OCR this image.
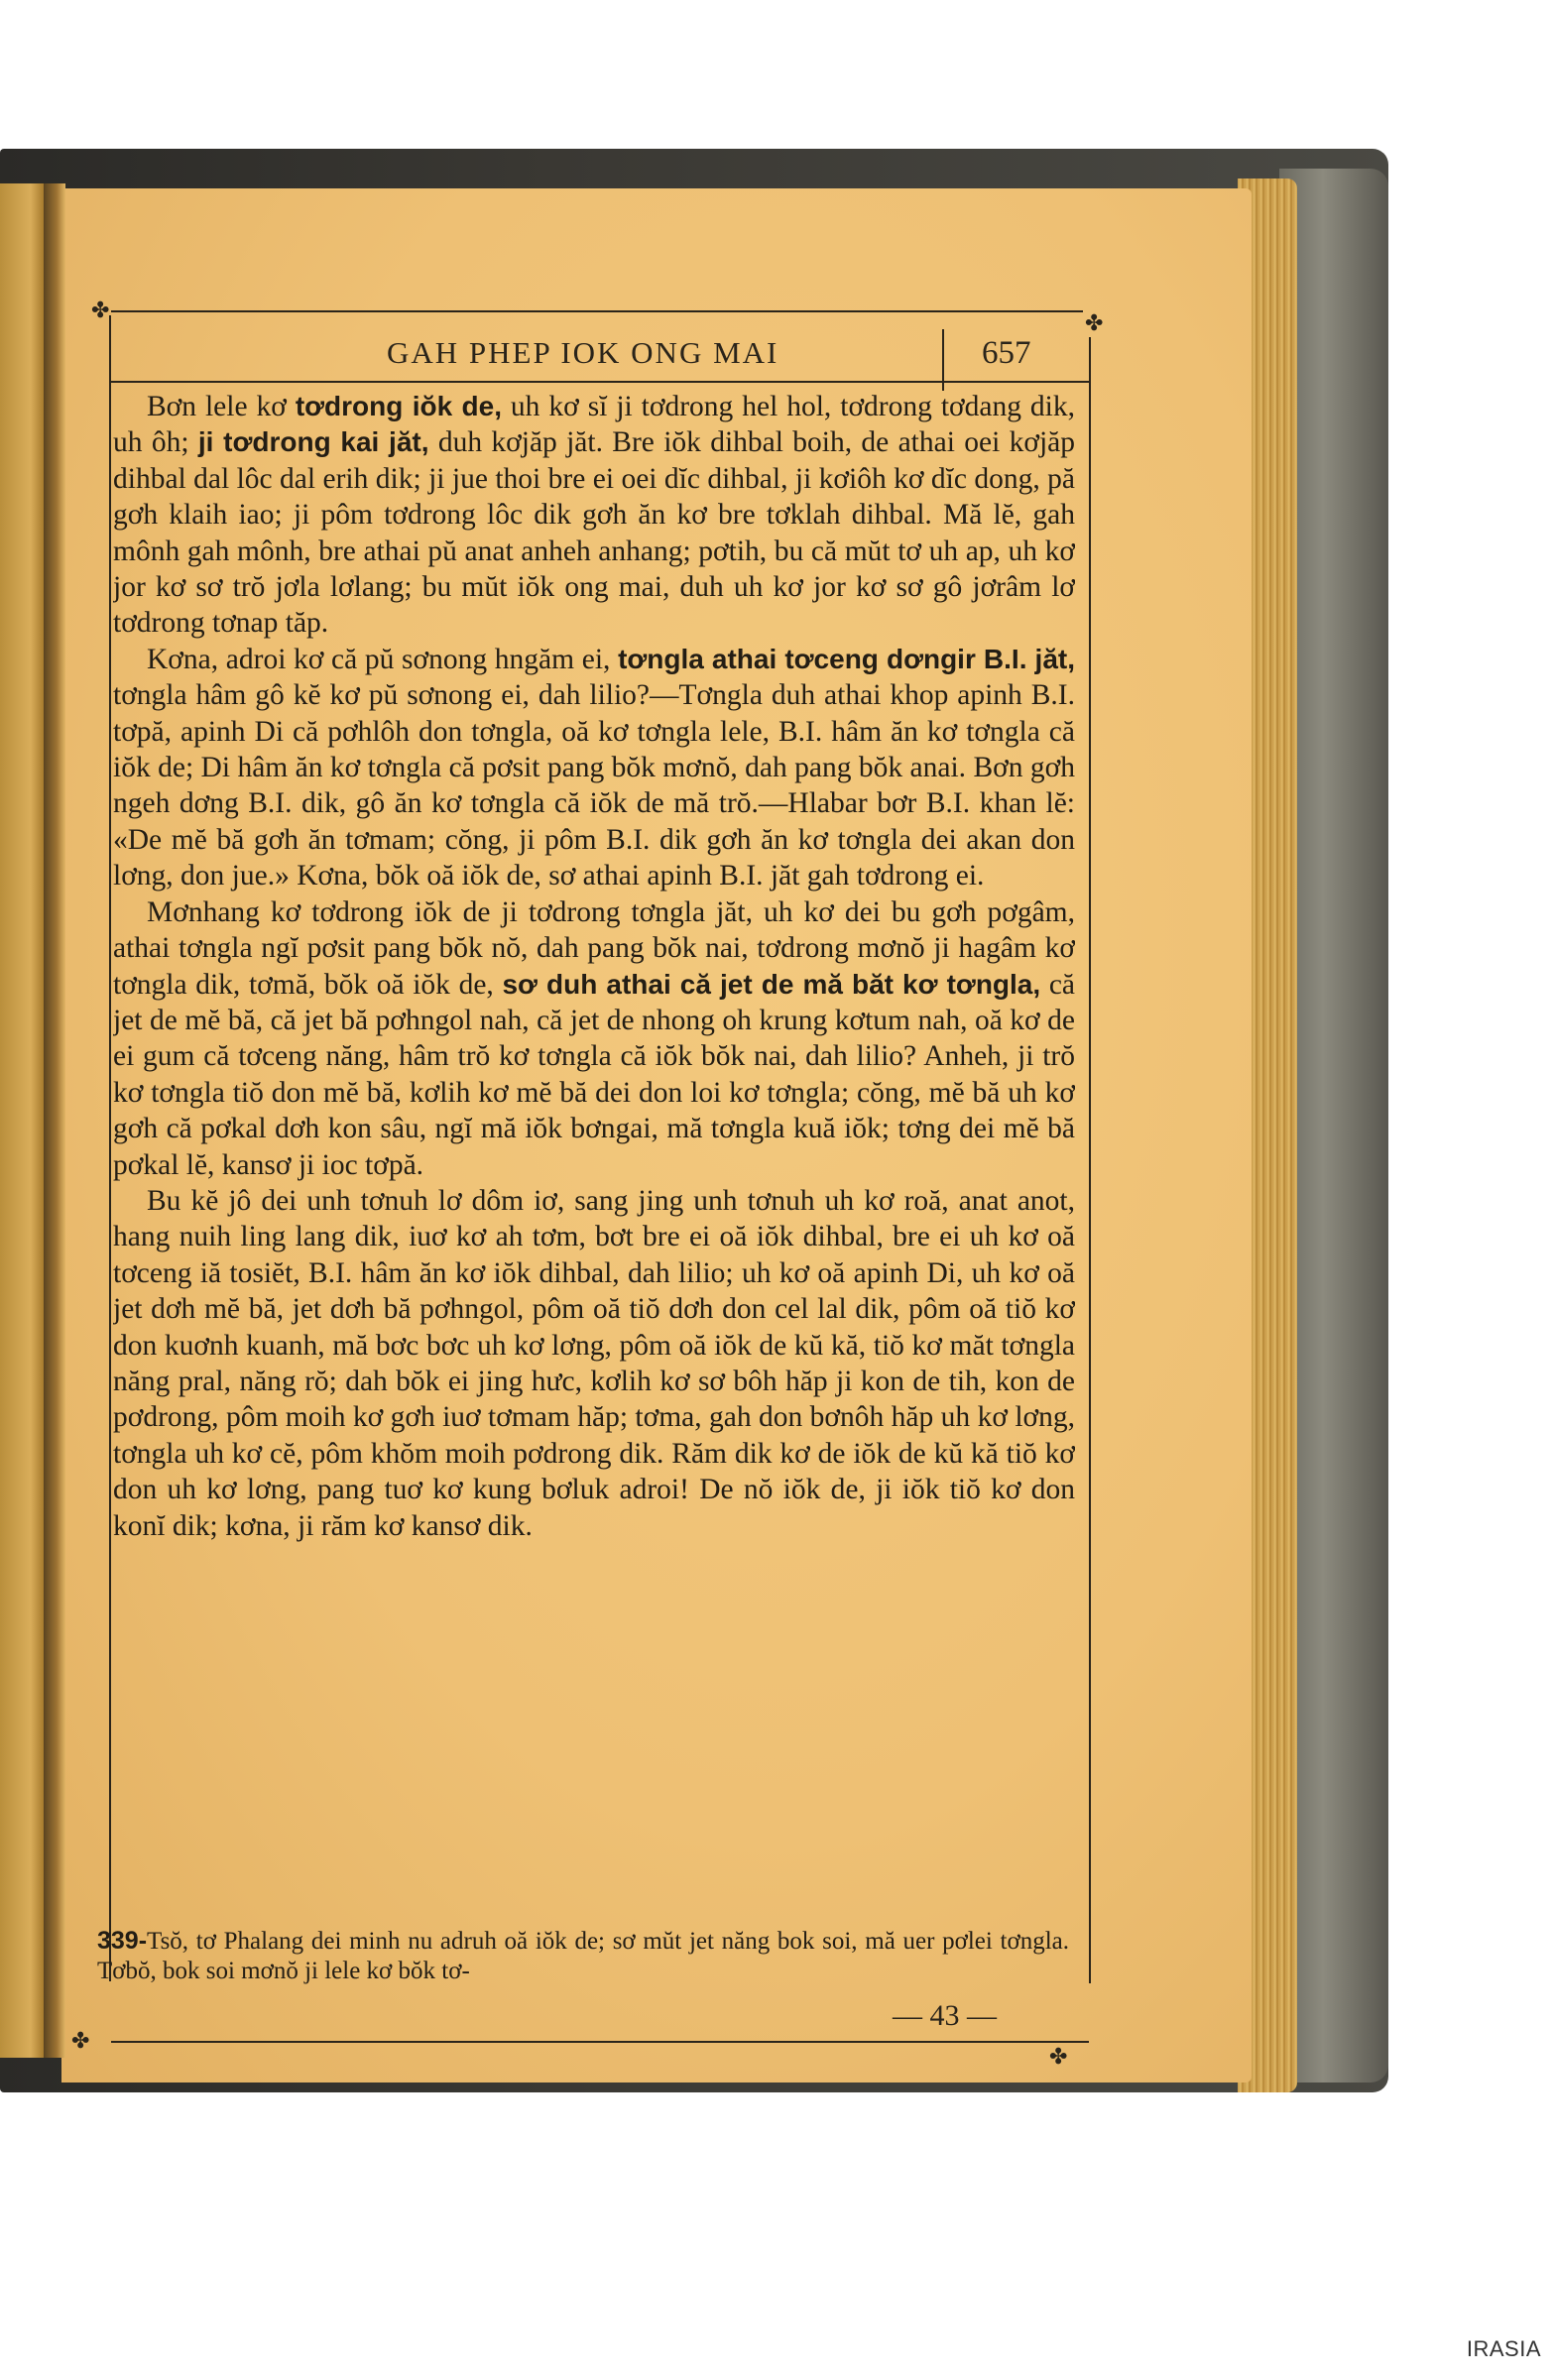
✤
✤
GAH PHEP IOK ONG MAI	657

Bơn lele kơ tơdrong iŏk de, uh kơ sĭ ji tơdrong hel hol, tơdrong tơdang dik, uh ôh; ji tơdrong kai jăt, duh kơjăp jăt. Bre iŏk dihbal boih, de athai oei kơjăp dihbal dal lôc dal erih dik; ji jue thoi bre ei oei dĭc dihbal, ji kơiôh kơ dĭc dong, pă gơh klaih iao; ji pôm tơdrong lôc dik gơh ăn kơ bre tơklah dihbal. Mă lĕ, gah mônh gah mônh, bre athai pŭ anat anheh anhang; pơtih, bu că mŭt tơ uh ap, uh kơ jor kơ sơ trŏ jơla lơlang; bu mŭt iŏk ong mai, duh uh kơ jor kơ sơ gô jơrâm lơ tơdrong tơnap tăp.

Kơna, adroi kơ că pŭ sơnong hngăm ei, tơngla athai tơceng dơngir B.I. jăt, tơngla hâm gô kĕ kơ pŭ sơnong ei, dah lilio?—Tơngla duh athai khop apinh B.I. tơpă, apinh Di că pơhlôh don tơngla, oă kơ tơngla lele, B.I. hâm ăn kơ tơngla că iŏk de; Di hâm ăn kơ tơngla că pơsit pang bŏk mơnŏ, dah pang bŏk anai. Bơn gơh ngeh dơng B.I. dik, gô ăn kơ tơngla că iŏk de mă trŏ.—Hlabar bơr B.I. khan lĕ: «De mĕ bă gơh ăn tơmam; cŏng, ji pôm B.I. dik gơh ăn kơ tơngla dei akan don lơng, don jue.» Kơna, bŏk oă iŏk de, sơ athai apinh B.I. jăt gah tơdrong ei.

Mơnhang kơ tơdrong iŏk de ji tơdrong tơngla jăt, uh kơ dei bu gơh pơgâm, athai tơngla ngĭ pơsit pang bŏk nŏ, dah pang bŏk nai, tơdrong mơnŏ ji hagâm kơ tơngla dik, tơmă, bŏk oă iŏk de, sơ duh athai că jet de mă băt kơ tơngla, că jet de mĕ bă, că jet bă pơhngol nah, că jet de nhong oh krung kơtum nah, oă kơ de ei gum că tơceng năng, hâm trŏ kơ tơngla că iŏk bŏk nai, dah lilio? Anheh, ji trŏ kơ tơngla tiŏ don mĕ bă, kơlih kơ mĕ bă dei don loi kơ tơngla; cŏng, mĕ bă uh kơ gơh că pơkal dơh kon sâu, ngĭ mă iŏk bơngai, mă tơngla kuă iŏk; tơng dei mĕ bă pơkal lĕ, kansơ ji ioc tơpă.

Bu kĕ jô dei unh tơnuh lơ dôm iơ, sang jing unh tơnuh uh kơ roă, anat anot, hang nuih ling lang dik, iuơ kơ ah tơm, bơt bre ei oă iŏk dihbal, bre ei uh kơ oă tơceng iă tosiĕt, B.I. hâm ăn kơ iŏk dihbal, dah lilio; uh kơ oă apinh Di, uh kơ oă jet dơh mĕ bă, jet dơh bă pơhngol, pôm oă tiŏ dơh don cel lal dik, pôm oă tiŏ kơ don kuơnh kuanh, mă bơc bơc uh kơ lơng, pôm oă iŏk de kŭ kă, tiŏ kơ măt tơngla năng pral, năng rŏ; dah bŏk ei jing hưc, kơlih kơ sơ bôh hăp ji kon de tih, kon de pơdrong, pôm moih kơ gơh iuơ tơmam hăp; tơma, gah don bơnôh hăp uh kơ lơng, tơngla uh kơ cĕ, pôm khŏm moih pơdrong dik. Răm dik kơ de iŏk de kŭ kă tiŏ kơ don uh kơ lơng, pang tuơ kơ kung bơluk adroi! De nŏ iŏk de, ji iŏk tiŏ kơ don konĭ dik; kơna, ji răm kơ kansơ dik.

339-Tsŏ, tơ Phalang dei minh nu adruh oă iŏk de; sơ mŭt jet năng bok soi, mă uer pơlei tơngla. Tơbŏ, bok soi mơnŏ ji lele kơ bŏk tơ-
✤
✤
— 43 —
IRASIA
